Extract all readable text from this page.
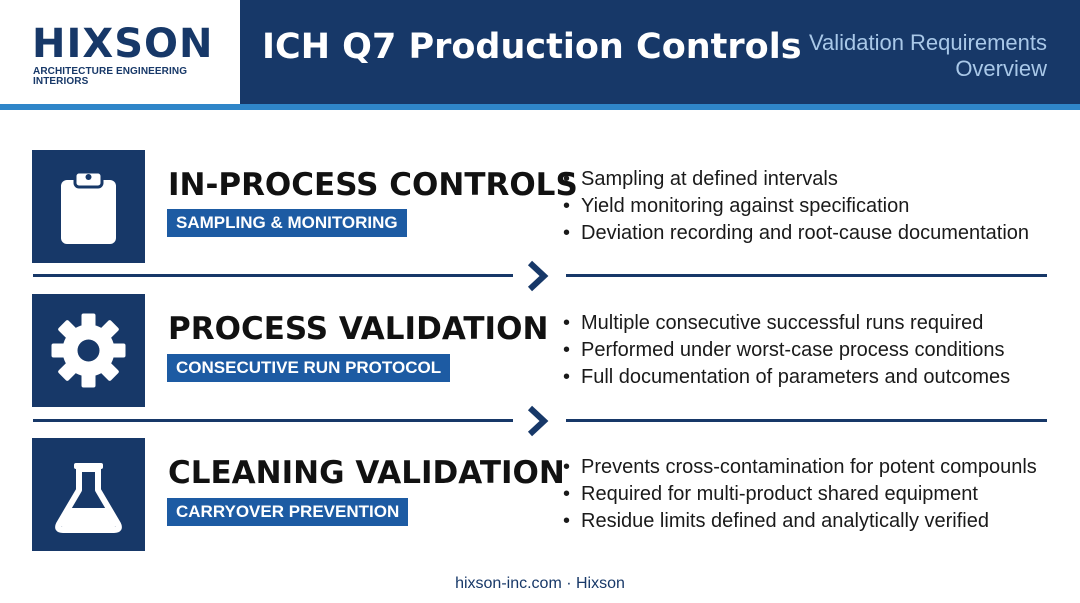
HIXSON
ARCHITECTURE ENGINEERING INTERIORS
ICH Q7 Production Controls Validation Requirements
Overview
IN-PROCESS CONTROLS
SAMPLING & MONITORING
• Sampling at defined intervals
• Yield monitoring against specification
• Deviation recording and root-cause documentation
PROCESS VALIDATION
CONSECUTIVE RUN PROTOCOL
• Multiple consecutive successful runs required
• Performed under worst-case process conditions
• Full documentation of parameters and outcomes
CLEANING VALIDATION
CARRYOVER PREVENTION
• Prevents cross-contamination for potent compounls
• Required for multi-product shared equipment
• Residue limits defined and analytically verified
hixson-inc.com · Hixson
